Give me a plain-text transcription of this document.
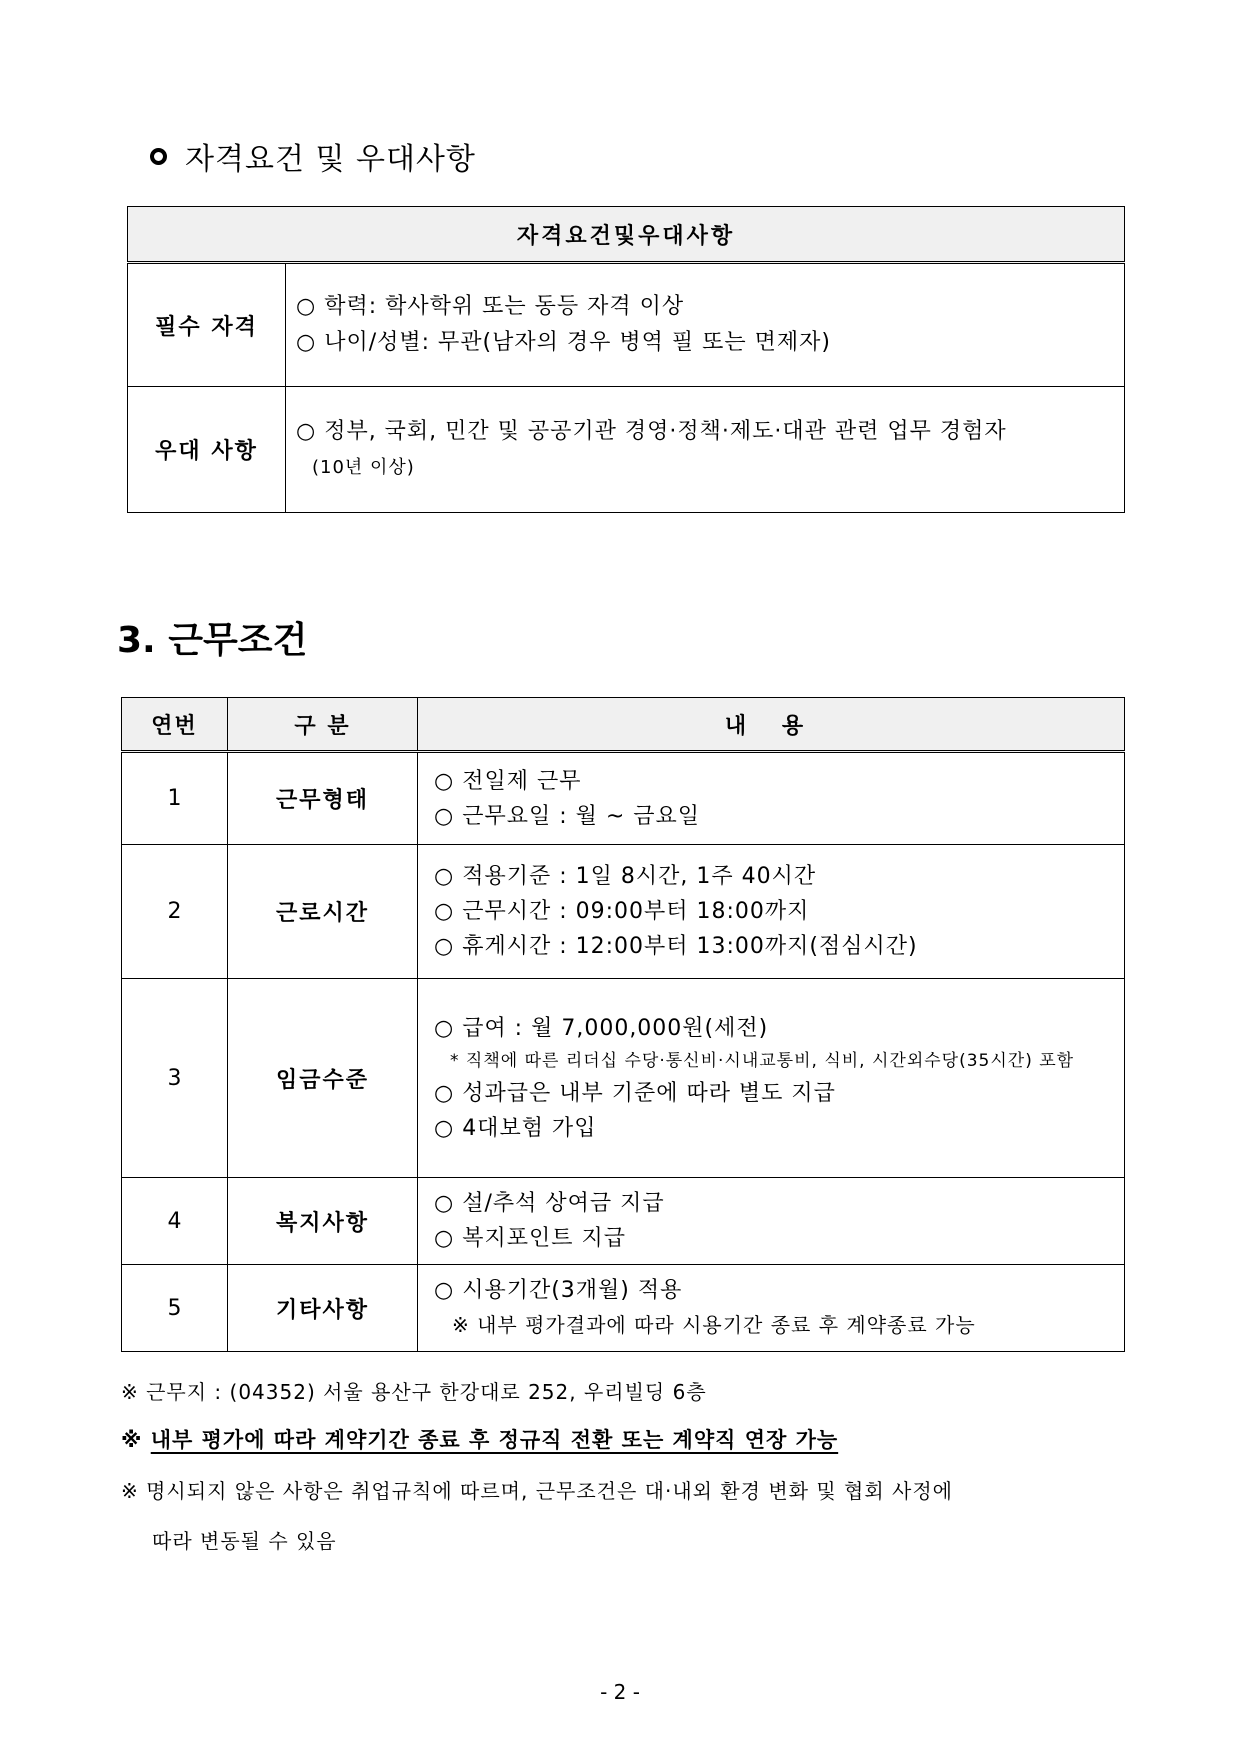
자격요건 및 우대사항
자격요건및우대사항	
필수 자격	○ 학력: 학사학위 또는 동등 자격 이상
○ 나이/성별: 무관(남자의 경우 병역 필 또는 면제자)

우대 사항	○ 정부, 국회, 민간 및 공공기관 경영·정책·제도·대관 관련 업무 경험자
(10년 이상)
3. 근무조건
연번	구 분	내 용
1	근무형태	○ 전일제 근무
○ 근무요일 : 월 ~ 금요일

2	근로시간	○ 적용기준 : 1일 8시간, 1주 40시간
○ 근무시간 : 09:00부터 18:00까지
○ 휴게시간 : 12:00부터 13:00까지(점심시간)

3	임금수준	○ 급여 : 월 7,000,000원(세전)
* 직책에 따른 리더십 수당·통신비·시내교통비, 식비, 시간외수당(35시간) 포함
○ 성과급은 내부 기준에 따라 별도 지급
○ 4대보험 가입

4	복지사항	○ 설/추석 상여금 지급
○ 복지포인트 지급

5	기타사항	○ 시용기간(3개월) 적용
※ 내부 평가결과에 따라 시용기간 종료 후 계약종료 가능
※ 근무지 : (04352) 서울 용산구 한강대로 252, 우리빌딩 6층
※ 내부 평가에 따라 계약기간 종료 후 정규직 전환 또는 계약직 연장 가능
※ 명시되지 않은 사항은 취업규칙에 따르며, 근무조건은 대·내외 환경 변화 및 협회 사정에
따라 변동될 수 있음
- 2 -
